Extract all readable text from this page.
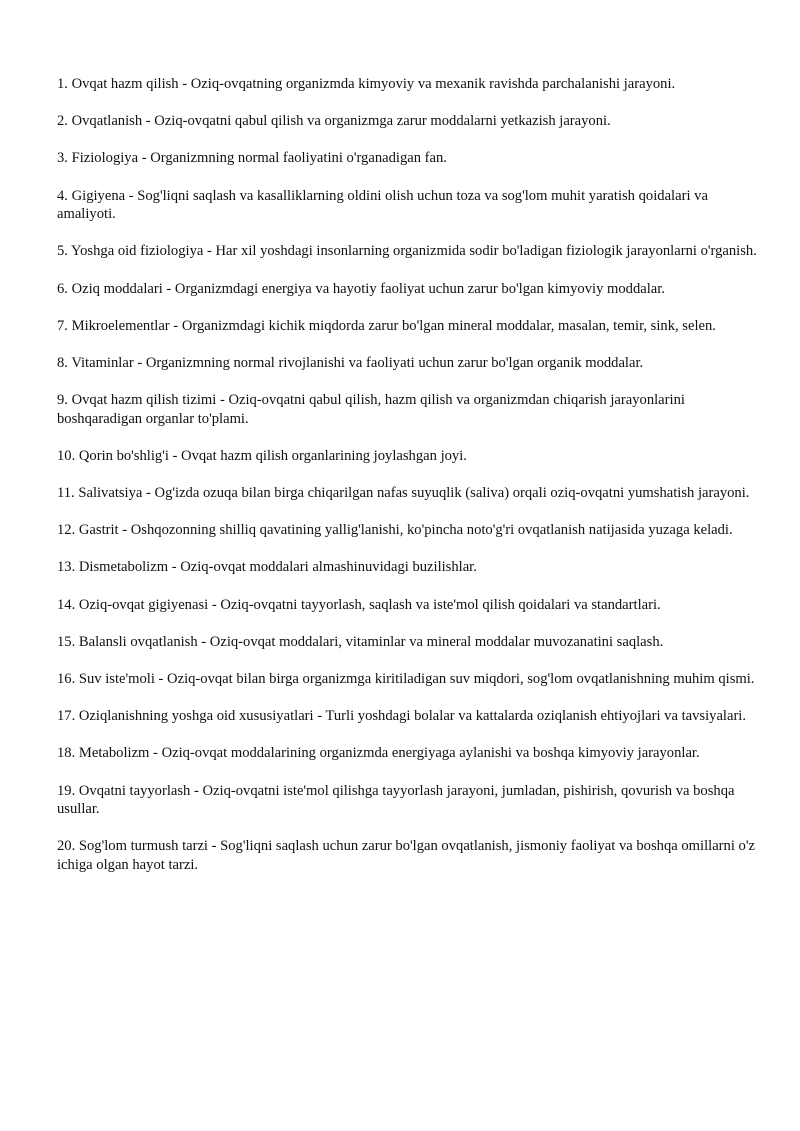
1. Ovqat hazm qilish - Oziq-ovqatning organizmda kimyoviy va mexanik ravishda parchalanishi jarayoni.
2. Ovqatlanish - Oziq-ovqatni qabul qilish va organizmga zarur moddalarni yetkazish jarayoni.
3. Fiziologiya - Organizmning normal faoliyatini o'rganadigan fan.
4. Gigiyena - Sog'liqni saqlash va kasalliklarning oldini olish uchun toza va sog'lom muhit yaratish qoidalari va amaliyoti.
5. Yoshga oid fiziologiya - Har xil yoshdagi insonlarning organizmida sodir bo'ladigan fiziologik jarayonlarni o'rganish.
6. Oziq moddalari - Organizmdagi energiya va hayotiy faoliyat uchun zarur bo'lgan kimyoviy moddalar.
7. Mikroelementlar - Organizmdagi kichik miqdorda zarur bo'lgan mineral moddalar, masalan, temir, sink, selen.
8. Vitaminlar - Organizmning normal rivojlanishi va faoliyati uchun zarur bo'lgan organik moddalar.
9. Ovqat hazm qilish tizimi - Oziq-ovqatni qabul qilish, hazm qilish va organizmdan chiqarish jarayonlarini boshqaradigan organlar to'plami.
10. Qorin bo'shlig'i - Ovqat hazm qilish organlarining joylashgan joyi.
11. Salivatsiya - Og'izda ozuqa bilan birga chiqarilgan nafas suyuqlik (saliva) orqali oziq-ovqatni yumshatish jarayoni.
12. Gastrit - Oshqozonning shilliq qavatining yallig'lanishi, ko'pincha noto'g'ri ovqatlanish natijasida yuzaga keladi.
13. Dismetabolizm - Oziq-ovqat moddalari almashinuvidagi buzilishlar.
14. Oziq-ovqat gigiyenasi - Oziq-ovqatni tayyorlash, saqlash va iste'mol qilish qoidalari va standartlari.
15. Balansli ovqatlanish - Oziq-ovqat moddalari, vitaminlar va mineral moddalar muvozanatini saqlash.
16. Suv iste'moli - Oziq-ovqat bilan birga organizmga kiritiladigan suv miqdori, sog'lom ovqatlanishning muhim qismi.
17. Oziqlanishning yoshga oid xususiyatlari - Turli yoshdagi bolalar va kattalarda oziqlanish ehtiyojlari va tavsiyalari.
18. Metabolizm - Oziq-ovqat moddalarining organizmda energiyaga aylanishi va boshqa kimyoviy jarayonlar.
19. Ovqatni tayyorlash - Oziq-ovqatni iste'mol qilishga tayyorlash jarayoni, jumladan, pishirish, qovurish va boshqa usullar.
20. Sog'lom turmush tarzi - Sog'liqni saqlash uchun zarur bo'lgan ovqatlanish, jismoniy faoliyat va boshqa omillarni o'z ichiga olgan hayot tarzi.
